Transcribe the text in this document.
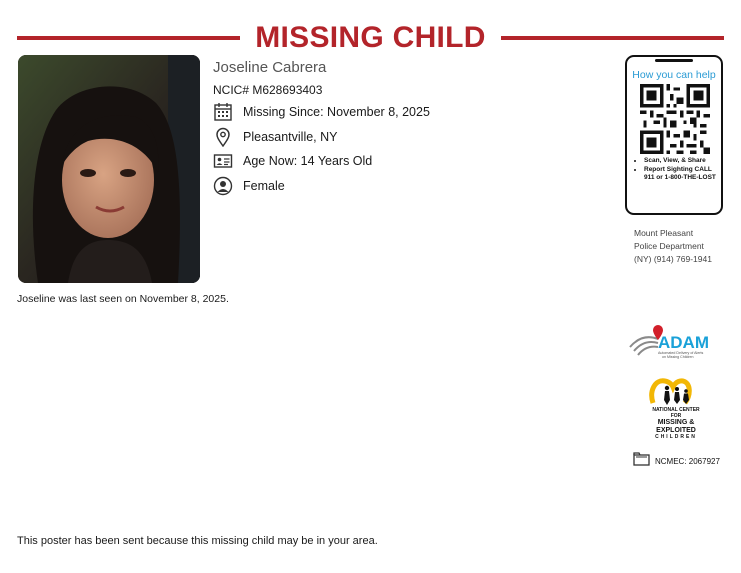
MISSING CHILD
Joseline Cabrera
NCIC# M628693403
Missing Since: November 8, 2025
Pleasantville, NY
Age Now: 14 Years Old
Female
How you can help
• Scan, View, & Share
• Report Sighting CALL 911 or 1-800-THE-LOST
Mount Pleasant
Police Department
(NY) (914) 769-1941
Joseline was last seen on November 8, 2025.
ADAM
Automated Delivery of Alerts
on Missing Children
NATIONAL CENTER FOR
MISSING &
EXPLOITED
CHILDREN
NCMEC: 2067927
This poster has been sent because this missing child may be in your area.
